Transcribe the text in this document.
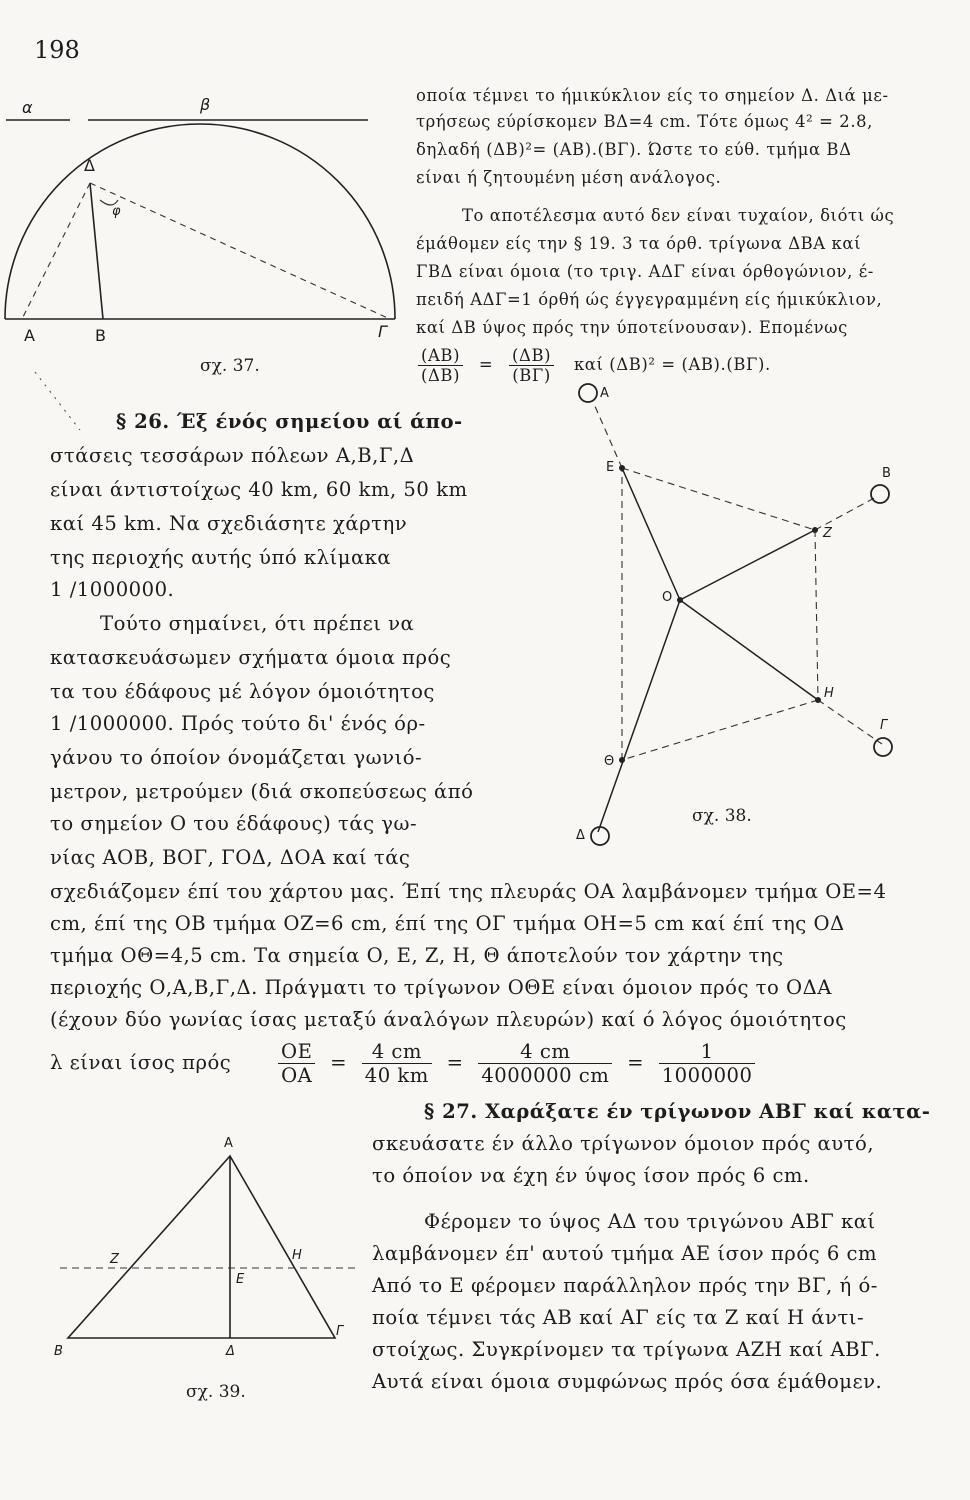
198
α	β
Δ
φ
Α	Β	Γ
σχ. 37.
οποία τέμνει το ήμικύκλιον είς το σημείον Δ. Διά με-
τρήσεως εύρίσκομεν ΒΔ=4 cm. Τότε όμως 4² = 2.8,
δηλαδή (ΔΒ)²= (ΑΒ).(ΒΓ). Ώστε το εύθ. τμήμα ΒΔ
είναι ή ζητουμένη μέση ανάλογος.
Το αποτέλεσμα αυτό δεν είναι τυχαίον, διότι ώς
έμάθομεν είς την § 19. 3 τα όρθ. τρίγωνα ΔΒΑ καί
ΓΒΔ είναι όμοια (το τριγ. ΑΔΓ είναι όρθογώνιον, έ-
πειδή ΑΔΓ=1 όρθή ώς έγγεγραμμένη είς ήμικύκλιον,
καί ΔΒ ύψος πρός την ύποτείνουσαν). Επομένως
$\frac{(AB)}{(\Delta B)} = \frac{(\Delta B)}{(B\Gamma)}$ καί (ΔΒ)² = (ΑΒ).(ΒΓ).
§ 26. Έξ ένός σημείου αί άπο-
στάσεις τεσσάρων πόλεων Α,Β,Γ,Δ
είναι άντιστοίχως 40 km, 60 km, 50 km
καί 45 km. Να σχεδιάσητε χάρτην
της περιοχής αυτής ύπό κλίμακα
1 /1000000.
Τούτο σημαίνει, ότι πρέπει να
κατασκευάσωμεν σχήματα όμοια πρός
τα του έδάφους μέ λόγον όμοιότητος
1 /1000000. Πρός τούτο δι' ένός όρ-
γάνου το όποίον όνομάζεται γωνιό-
μετρον, μετρούμεν (διά σκοπεύσεως άπό
το σημείον Ο του έδάφους) τάς γω-
νίας ΑΟΒ, ΒΟΓ, ΓΟΔ, ΔΟΑ καί τάς
Α
Β
Γ
Δ
Ο
Ε
Ζ
Η
Θ
σχ. 38.
σχεδιάζομεν έπί του χάρτου μας. Έπί της πλευράς ΟΑ λαμβάνομεν τμήμα ΟΕ=4
cm, έπί της ΟΒ τμήμα ΟΖ=6 cm, έπί της ΟΓ τμήμα ΟΗ=5 cm καί έπί της ΟΔ
τμήμα ΟΘ=4,5 cm. Τα σημεία Ο, Ε, Ζ, Η, Θ άποτελούν τον χάρτην της
περιοχής Ο,Α,Β,Γ,Δ. Πράγματι το τρίγωνον ΟΘΕ είναι όμοιον πρός το ΟΔΑ
(έχουν δύο γωνίας ίσας μεταξύ άναλόγων πλευρών) καί ό λόγος όμοιότητος
λ είναι ίσος πρός $\frac{OE}{OA} = \frac{4 cm}{40 km} = \frac{4 cm}{4000000 cm} = \frac{1}{1000000}$
§ 27. Χαράξατε έν τρίγωνον ΑΒΓ καί κατα-
σκευάσατε έν άλλο τρίγωνον όμοιον πρός αυτό,
το όποίον να έχη έν ύψος ίσον πρός 6 cm.
Φέρομεν το ύψος ΑΔ του τριγώνου ΑΒΓ καί
λαμβάνομεν έπ' αυτού τμήμα ΑΕ ίσον πρός 6 cm
Από το Ε φέρομεν παράλληλον πρός την ΒΓ, ή ό-
ποία τέμνει τάς ΑΒ καί ΑΓ είς τα Ζ καί Η άντι-
στοίχως. Συγκρίνομεν τα τρίγωνα ΑΖΗ καί ΑΒΓ.
Αυτά είναι όμοια συμφώνως πρός όσα έμάθομεν.
Α
Ζ	Η
Ε
Β	Δ
Γ
σχ. 39.
